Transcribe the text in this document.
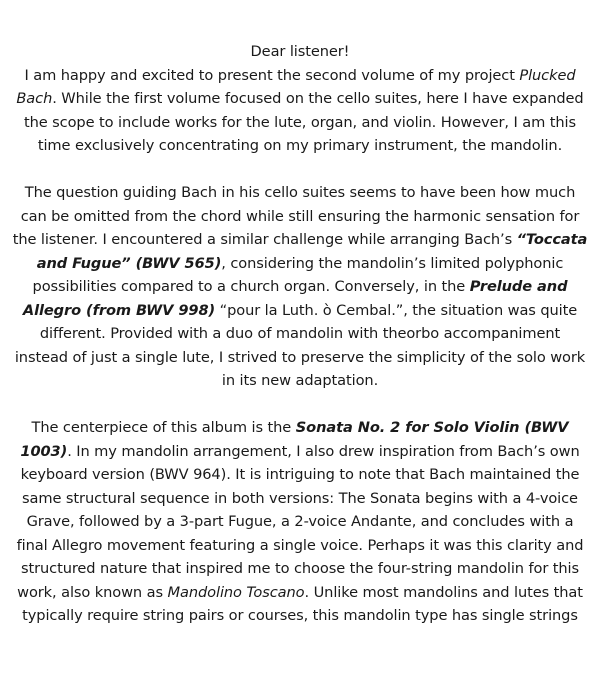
Dear listener!
I am happy and excited to present the second volume of my project Plucked
Bach. While the first volume focused on the cello suites, here I have expanded
the scope to include works for the lute, organ, and violin. However, I am this
time exclusively concentrating on my primary instrument, the mandolin.

The question guiding Bach in his cello suites seems to have been how much
can be omitted from the chord while still ensuring the harmonic sensation for
the listener. I encountered a similar challenge while arranging Bach’s “Toccata
and Fugue” (BWV 565), considering the mandolin’s limited polyphonic
possibilities compared to a church organ. Conversely, in the Prelude and
Allegro (from BWV 998) “pour la Luth. ò Cembal.”, the situation was quite
different. Provided with a duo of mandolin with theorbo accompaniment
instead of just a single lute, I strived to preserve the simplicity of the solo work
in its new adaptation.

The centerpiece of this album is the Sonata No. 2 for Solo Violin (BWV
1003). In my mandolin arrangement, I also drew inspiration from Bach’s own
keyboard version (BWV 964). It is intriguing to note that Bach maintained the
same structural sequence in both versions: The Sonata begins with a 4-voice
Grave, followed by a 3-part Fugue, a 2-voice Andante, and concludes with a
final Allegro movement featuring a single voice. Perhaps it was this clarity and
structured nature that inspired me to choose the four-string mandolin for this
work, also known as Mandolino Toscano. Unlike most mandolins and lutes that
typically require string pairs or courses, this mandolin type has single strings
